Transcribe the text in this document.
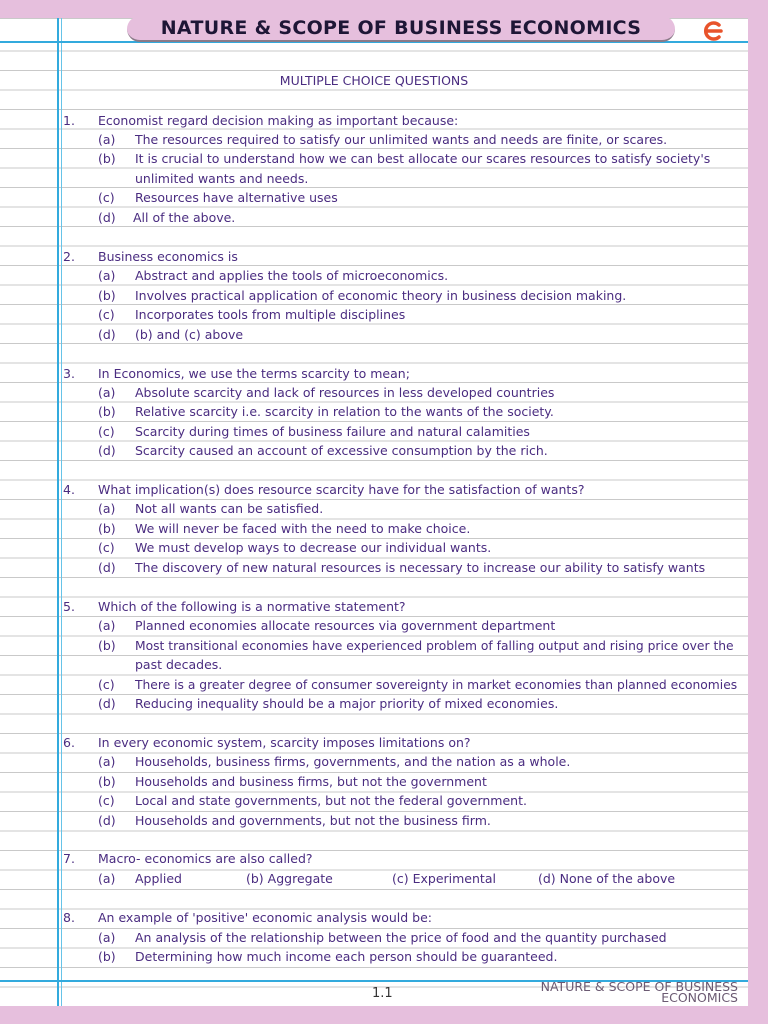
NATURE & SCOPE OF BUSINESS ECONOMICS
MULTIPLE CHOICE QUESTIONS
1. Economist regard decision making as important because:
(a) The resources required to satisfy our unlimited wants and needs are finite, or scares.
(b) It is crucial to understand how we can best allocate our scares resources to satisfy society's
unlimited wants and needs.
(c) Resources have alternative uses
(d) All of the above.
2. Business economics is
(a) Abstract and applies the tools of microeconomics.
(b) Involves practical application of economic theory in business decision making.
(c) Incorporates tools from multiple disciplines
(d) (b) and (c) above
3. In Economics, we use the terms scarcity to mean;
(a) Absolute scarcity and lack of resources in less developed countries
(b) Relative scarcity i.e. scarcity in relation to the wants of the society.
(c) Scarcity during times of business failure and natural calamities
(d) Scarcity caused an account of excessive consumption by the rich.
4. What implication(s) does resource scarcity have for the satisfaction of wants?
(a) Not all wants can be satisfied.
(b) We will never be faced with the need to make choice.
(c) We must develop ways to decrease our individual wants.
(d) The discovery of new natural resources is necessary to increase our ability to satisfy wants
5. Which of the following is a normative statement?
(a) Planned economies allocate resources via government department
(b) Most transitional economies have experienced problem of falling output and rising price over the
past decades.
(c) There is a greater degree of consumer sovereignty in market economies than planned economies
(d) Reducing inequality should be a major priority of mixed economies.
6. In every economic system, scarcity imposes limitations on?
(a) Households, business firms, governments, and the nation as a whole.
(b) Households and business firms, but not the government
(c) Local and state governments, but not the federal government.
(d) Households and governments, but not the business firm.
7. Macro- economics are also called?
(a) Applied	(b) Aggregate	(c) Experimental	(d) None of the above
8. An example of 'positive' economic analysis would be:
(a) An analysis of the relationship between the price of food and the quantity purchased
(b) Determining how much income each person should be guaranteed.
1.1	NATURE & SCOPE OF BUSINESS
ECONOMICS
